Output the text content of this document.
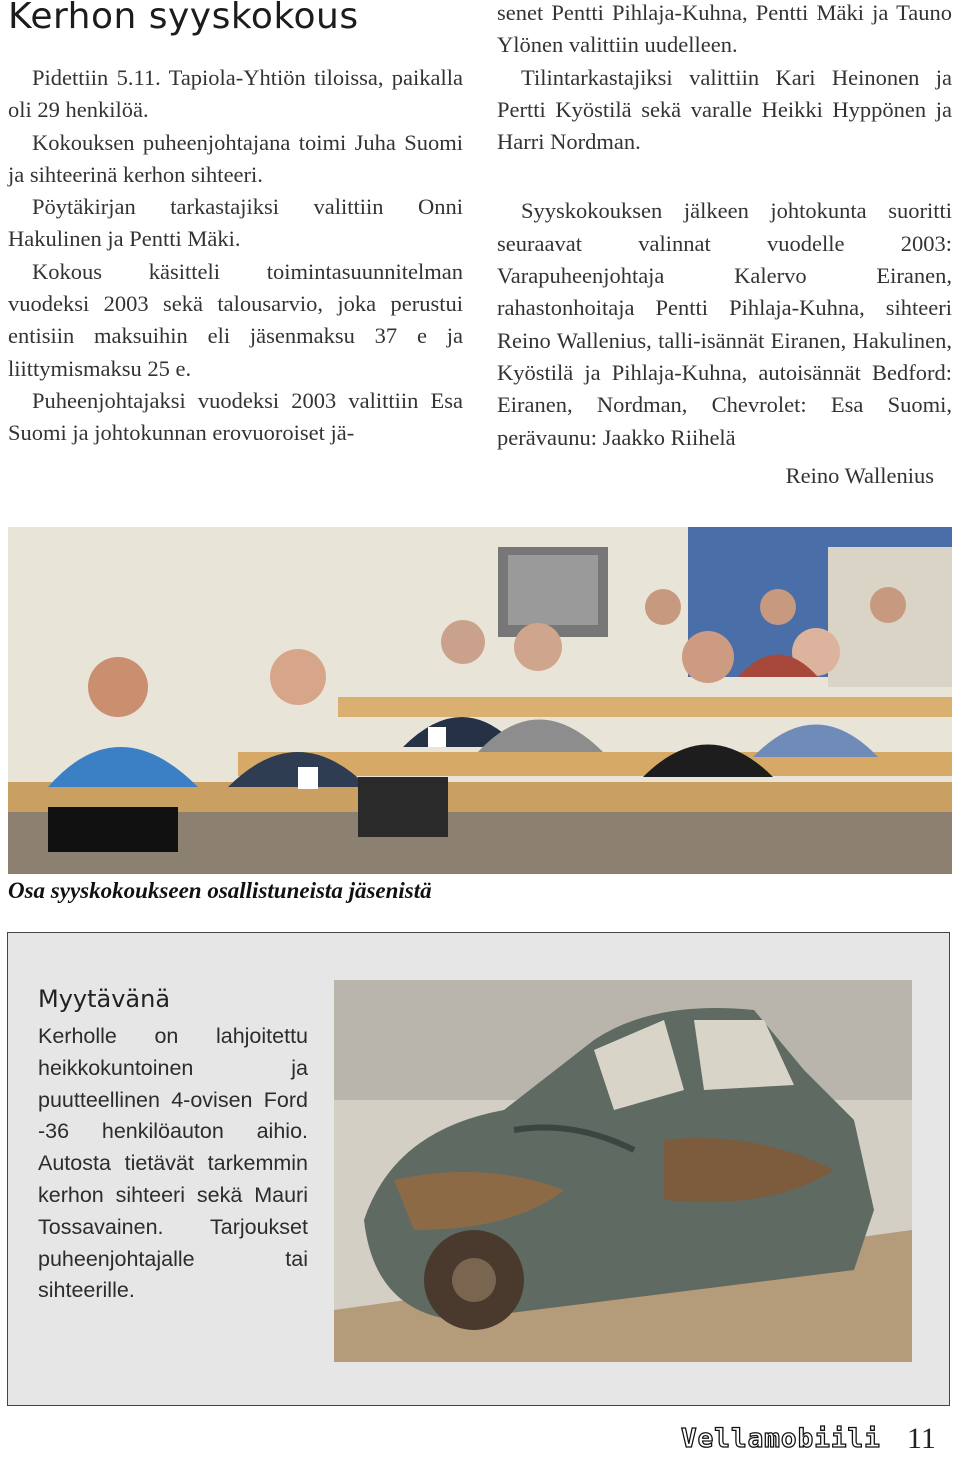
Kerhon syyskokous

Pidettiin 5.11. Tapiola-Yhtiön tiloissa, paikalla oli 29 henkilöä.

Kokouksen puheenjohtajana toimi Juha Suomi ja sihteerinä kerhon sihteeri.

Pöytäkirjan tarkastajiksi valittiin Onni Hakulinen ja Pentti Mäki.

Kokous käsitteli toimintasuunnitelman vuodeksi 2003 sekä talousarvio, joka perustui entisiin maksuihin eli jäsenmaksu 37 e ja liittymismaksu 25 e.

Puheenjohtajaksi vuodeksi 2003 valittiin Esa Suomi ja johtokunnan erovuoroiset jä-

senet Pentti Pihlaja-Kuhna, Pentti Mäki ja Tauno Ylönen valittiin uudelleen.

Tilintarkastajiksi valittiin Kari Heinonen ja Pertti Kyöstilä sekä varalle Heikki Hyppönen ja Harri Nordman.

Syyskokouksen jälkeen johtokunta suoritti seuraavat valinnat vuodelle 2003: Varapuheenjohtaja Kalervo Eiranen, rahastonhoitaja Pentti Pihlaja-Kuhna, sihteeri Reino Wallenius, talli-isännät Eiranen, Hakulinen, Kyöstilä ja Pihlaja-Kuhna, autoisännät Bedford: Eiranen, Nordman, Chevrolet: Esa Suomi, perävaunu: Jaakko Riihelä

Reino Wallenius

Osa syyskokoukseen osallistuneista jäsenistä

Myytävänä

Kerholle on lahjoitettu heikkokuntoinen ja puutteellinen 4-ovisen Ford -36 henkilöauton aihio. Autosta tietävät tarkemmin kerhon sihteeri sekä Mauri Tossavainen. Tarjoukset puheenjohtajalle tai sihteerille.

Vellamobiili 11
